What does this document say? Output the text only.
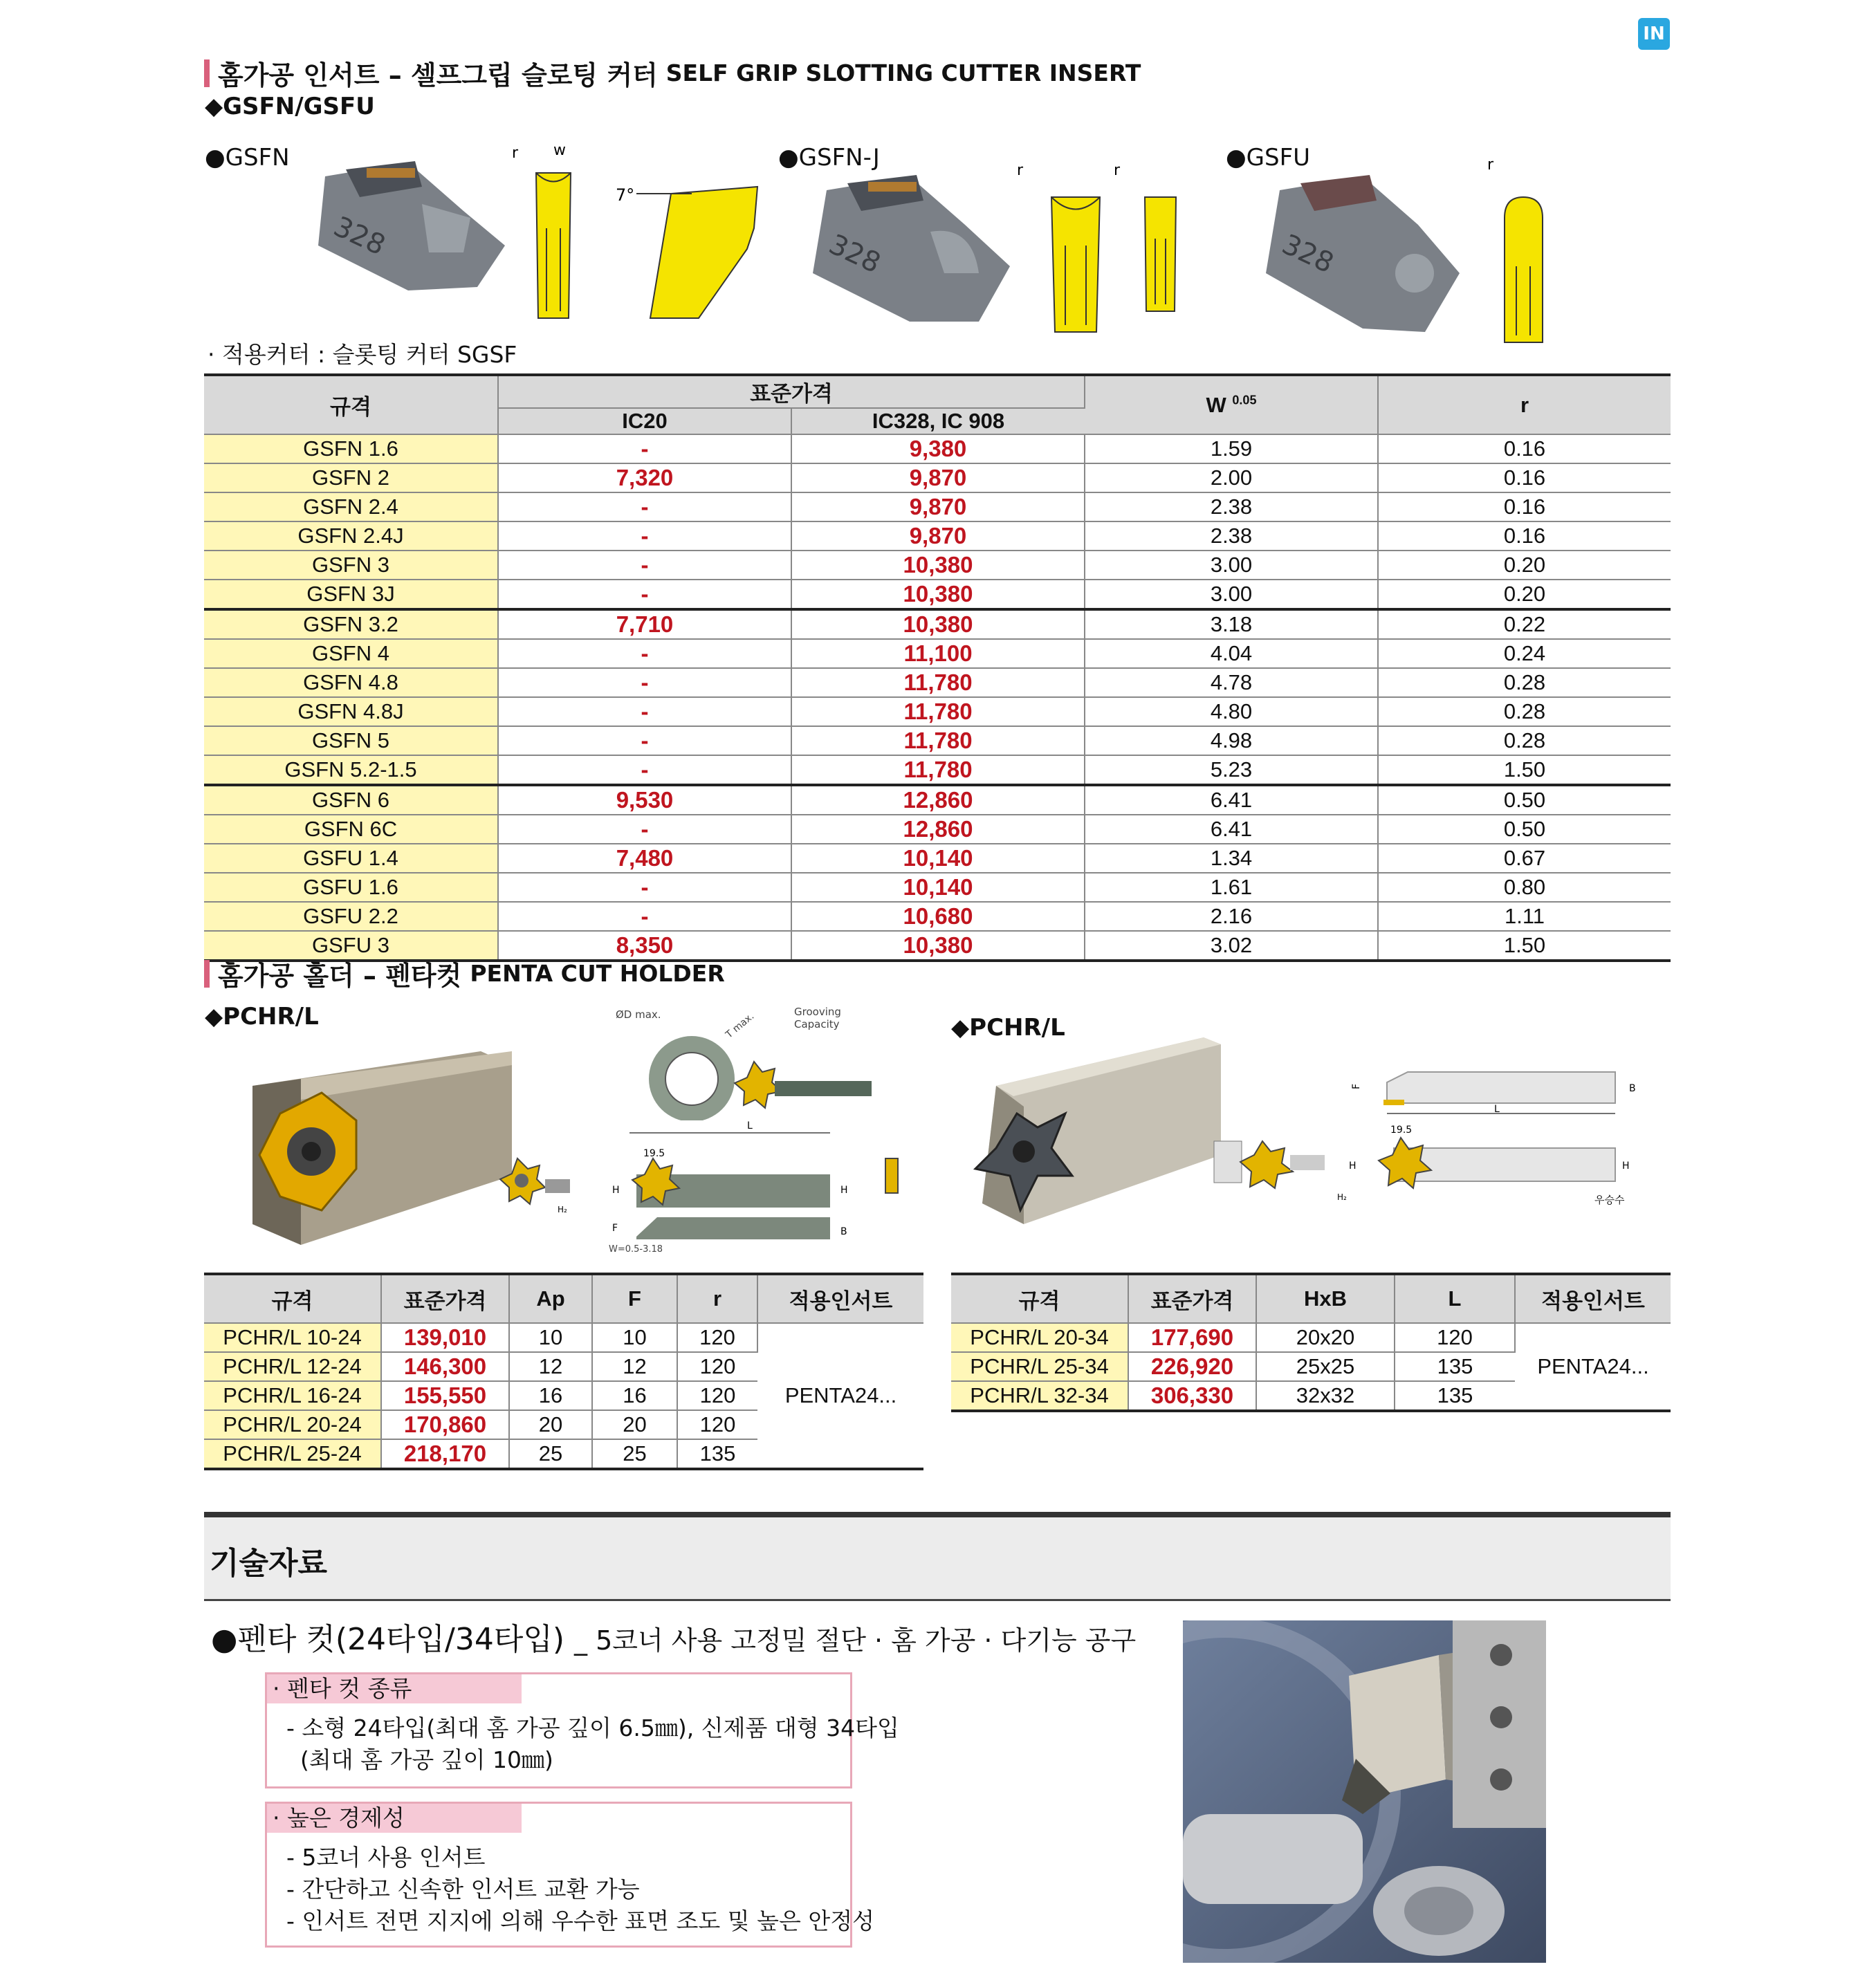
IN
홈가공 인서트 – 셀프그립 슬로팅 커터 SELF GRIP SLOTTING CUTTER INSERT
◆GSFN/GSFU
●GSFN	●GSFN-J	●GSFU
328
r w
7°
328
r	r
328
r
· 적용커터 : 슬롯팅 커터 SGSF
규격	표준가격		W $^{0.05}$	r
	IC20	IC328, IC 908		
GSFN 1.6	-	9,380	1.59	0.16
GSFN 2	7,320	9,870	2.00	0.16
GSFN 2.4	-	9,870	2.38	0.16
GSFN 2.4J	-	9,870	2.38	0.16
GSFN 3	-	10,380	3.00	0.20
GSFN 3J	-	10,380	3.00	0.20
GSFN 3.2	7,710	10,380	3.18	0.22
GSFN 4	-	11,100	4.04	0.24
GSFN 4.8	-	11,780	4.78	0.28
GSFN 4.8J	-	11,780	4.80	0.28
GSFN 5	-	11,780	4.98	0.28
GSFN 5.2-1.5	-	11,780	5.23	1.50
GSFN 6	9,530	12,860	6.41	0.50
GSFN 6C	-	12,860	6.41	0.50
GSFU 1.4	7,480	10,140	1.34	0.67
GSFU 1.6	-	10,140	1.61	0.80
GSFU 2.2	-	10,680	2.16	1.11
GSFU 3	8,350	10,380	3.02	1.50
홈가공 홀더 – 펜타컷 PENTA CUT HOLDER
◆PCHR/L	◆PCHR/L
H₂
ØD max.	T max.	Grooving
Capacity
L
19.5
H	H
F	B
W=0.5-3.18
F	B
L
19.5
H
H
H₂	우승수
규격	표준가격	Ap	F	r	적용인서트
PCHR/L 10-24	139,010	10	10	120	PENTA24...
PCHR/L 12-24	146,300	12	12	120	
PCHR/L 16-24	155,550	16	16	120	
PCHR/L 20-24	170,860	20	20	120	
PCHR/L 25-24	218,170	25	25	135	
규격	표준가격	HxB	L	적용인서트
PCHR/L 20-34	177,690	20x20	120	PENTA24...
PCHR/L 25-34	226,920	25x25	135	
PCHR/L 32-34	306,330	32x32	135	
기술자료
●펜타 컷(24타입/34타입) _ 5코너 사용 고정밀 절단 · 홈 가공 · 다기능 공구
· 펜타 컷 종류
- 소형 24타입(최대 홈 가공 깊이 6.5㎜), 신제품 대형 34타입
(최대 홈 가공 깊이 10㎜)
· 높은 경제성
- 5코너 사용 인서트
- 간단하고 신속한 인서트 교환 가능
- 인서트 전면 지지에 의해 우수한 표면 조도 및 높은 안정성
